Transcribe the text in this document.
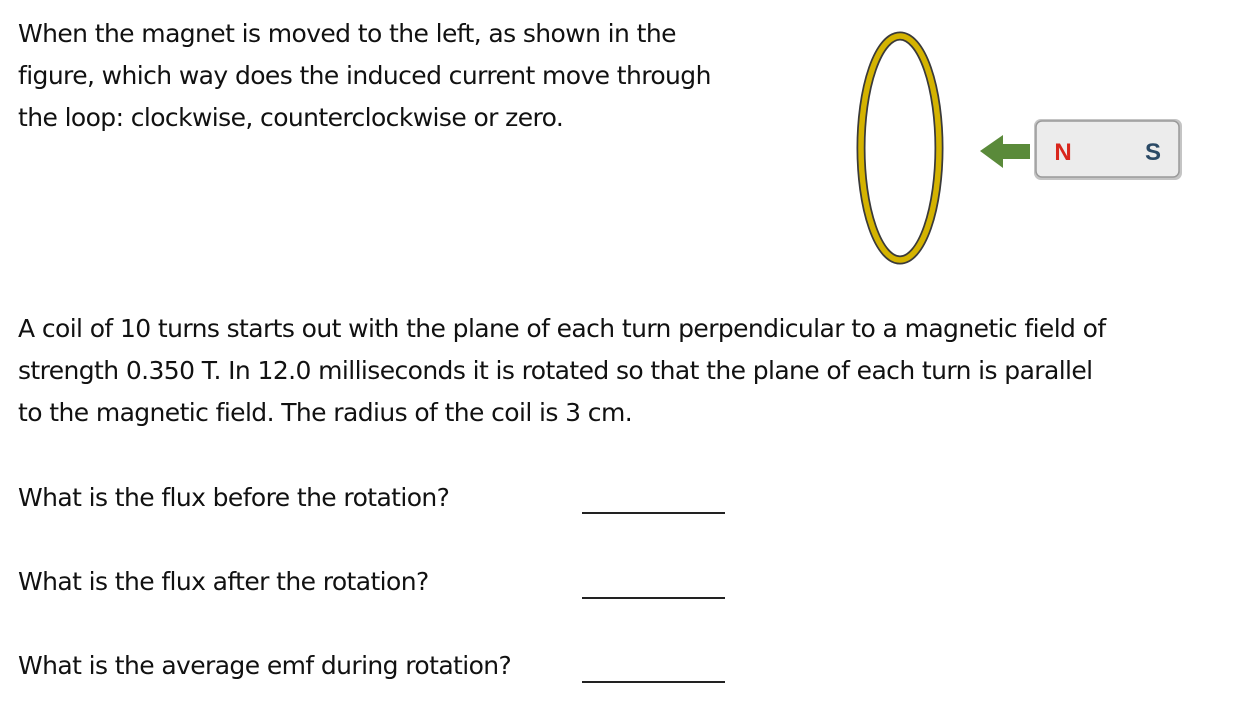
When the magnet is moved to the left, as shown in the
figure, which way does the induced current move through
the loop: clockwise, counterclockwise or zero.
N	S
A coil of 10 turns starts out with the plane of each turn perpendicular to a magnetic field of
strength 0.350 T. In 12.0 milliseconds it is rotated so that the plane of each turn is parallel
to the magnetic field. The radius of the coil is 3 cm.
What is the flux before the rotation?
What is the flux after the rotation?
What is the average emf during rotation?
